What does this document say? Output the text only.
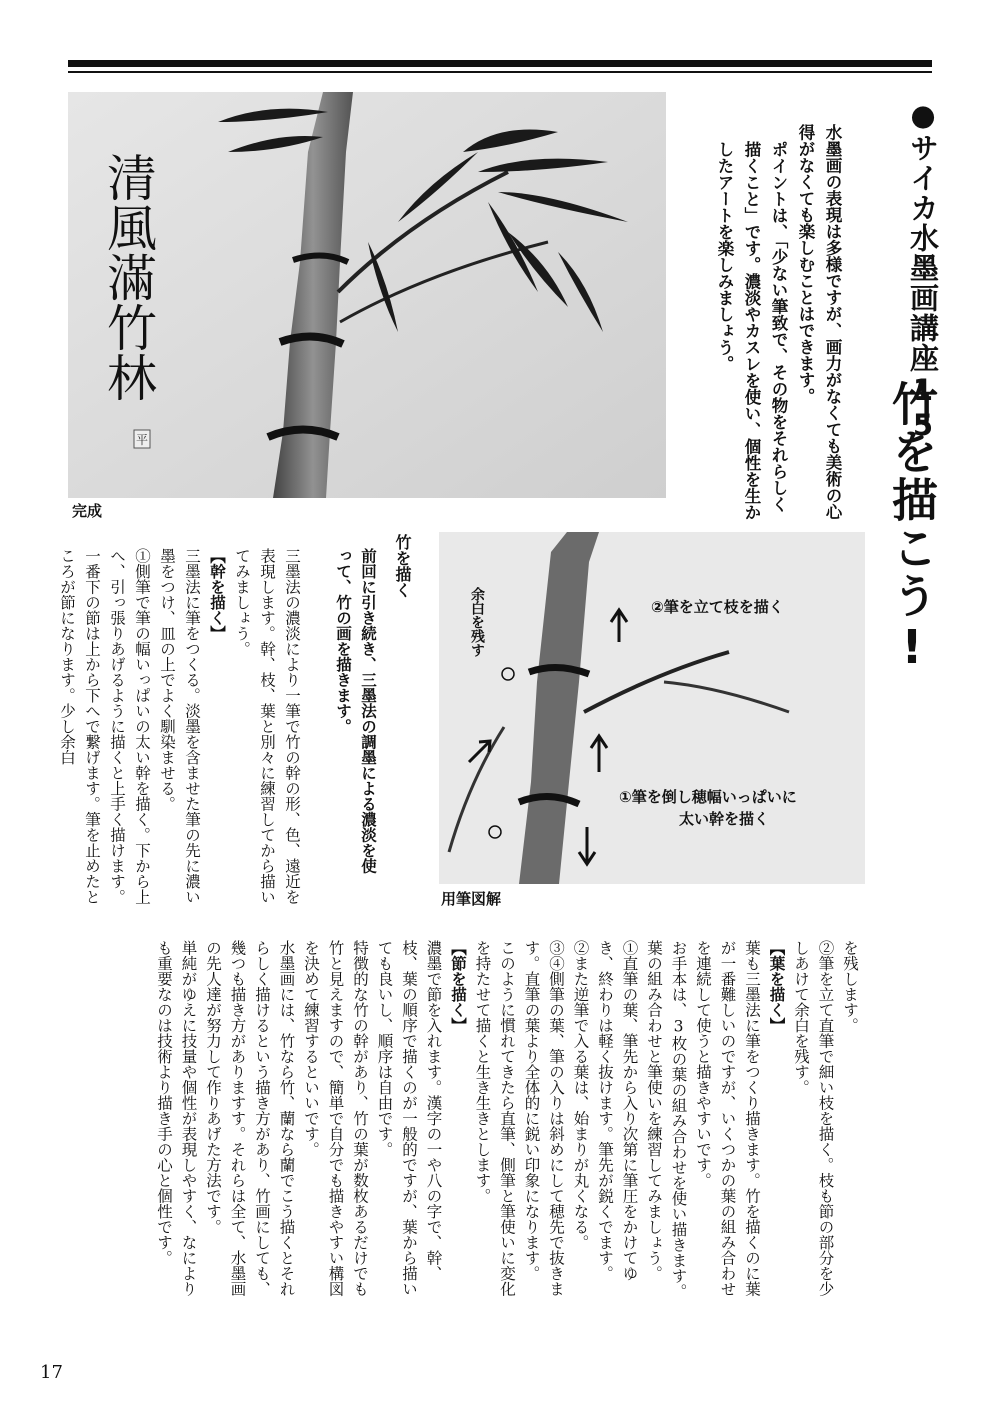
●サイカ水墨画講座15
竹を描こう!

水墨画の表現は多様ですが、画力がなくても美術の心得がなくても楽しむことはできます。

ポイントは、「少ない筆致で、その物をそれらしく描くこと」です。濃淡やカスレを使い、個性を生かしたアートを楽しみましょう。

清風滿竹林
平
完成
②筆を立て枝を描く
①筆を倒し穂幅いっぱいに
太い幹を描く
余白を残す
用筆図解
竹を描く
前回に引き続き、三墨法の調墨による濃淡を使って、竹の画を描きます。

三墨法の濃淡により一筆で竹の幹の形、色、遠近を表現します。幹、枝、葉と別々に練習してから描いてみましょう。

【幹を描く】

三墨法に筆をつくる。淡墨を含ませた筆の先に濃い墨をつけ、皿の上でよく馴染ませる。

①側筆で筆の幅いっぱいの太い幹を描く。下から上へ、引っ張りあげるように描くと上手く描けます。

一番下の節は上から下へで繋げます。筆を止めたところが節になります。少し余白

を残します。

②筆を立て直筆で細い枝を描く。枝も節の部分を少しあけて余白を残す。

【葉を描く】

葉も三墨法に筆をつくり描きます。竹を描くのに葉が一番難しいのですが、いくつかの葉の組み合わせを連続して使うと描きやすいです。

お手本は、3枚の葉の組み合わせを使い描きます。

葉の組み合わせと筆使いを練習してみましょう。

①直筆の葉、筆先から入り次第に筆圧をかけてゆき、終わりは軽く抜けます。筆先が鋭くでます。

②また逆筆で入る葉は、始まりが丸くなる。

③④側筆の葉、筆の入りは斜めにして穂先で抜きます。直筆の葉より全体的に鋭い印象になります。

このように慣れてきたら直筆、側筆と筆使いに変化を持たせて描くと生き生きとします。

【節を描く】

濃墨で節を入れます。漢字の一や八の字で、幹、枝、葉の順序で描くのが一般的ですが、葉から描いても良いし、順序は自由です。

特徴的な竹の幹があり、竹の葉が数枚あるだけでも竹と見えますので、簡単で自分でも描きやすい構図を決めて練習するといいです。

水墨画には、竹なら竹、蘭なら蘭でこう描くとそれらしく描けるという描き方があり、竹画にしても、幾つも描き方がありますす。それらは全て、水墨画の先人達が努力して作りあげた方法です。

単純がゆえに技量や個性が表現しやすく、なによりも重要なのは技術より描き手の心と個性です。

17
